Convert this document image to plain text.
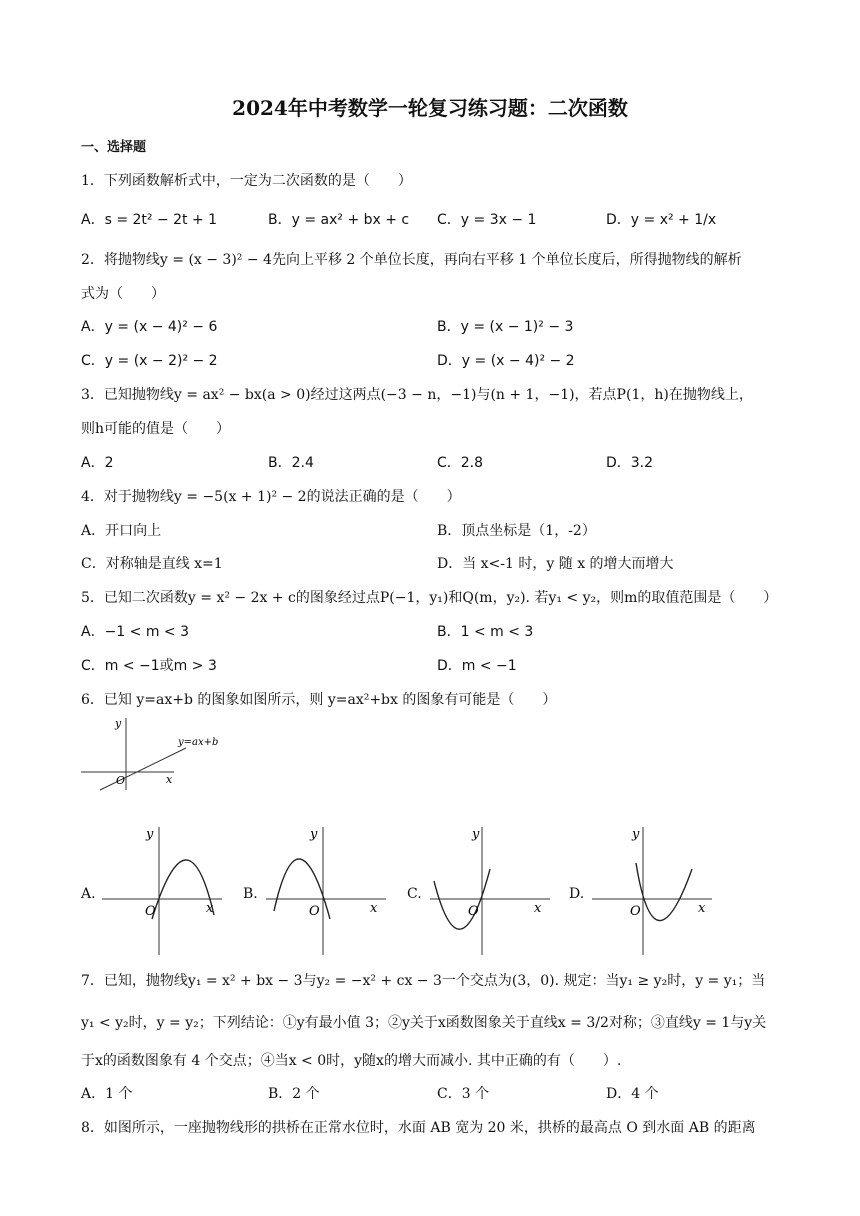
2024年中考数学一轮复习练习题：二次函数
一、选择题
1．下列函数解析式中，一定为二次函数的是（　　）
A．s = 2t² − 2t + 1	B．y = ax² + bx + c C．y = 3x − 1	D．y = x² + 1/x
2．将抛物线y = (x − 3)² − 4先向上平移 2 个单位长度，再向右平移 1 个单位长度后，所得抛物线的解析
式为（　　）
A．y = (x − 4)² − 6	B．y = (x − 1)² − 3
C．y = (x − 2)² − 2	D．y = (x − 4)² − 2
3．已知抛物线y = ax² − bx(a > 0)经过这两点(−3 − n，−1)与(n + 1，−1)，若点P(1，h)在抛物线上，
则h可能的值是（　　）
A．2	B．2.4	C．2.8	D．3.2
4．对于抛物线y = −5(x + 1)² − 2的说法正确的是（　　）
A．开口向上	B．顶点坐标是（1，-2）
C．对称轴是直线 x=1	D．当 x<-1 时，y 随 x 的增大而增大
5．已知二次函数y = x² − 2x + c的图象经过点P(−1，y₁)和Q(m，y₂). 若y₁ < y₂，则m的取值范围是（　　）
A．−1 < m < 3	B．1 < m < 3
C．m < −1或m > 3	D．m < −1
6．已知 y=ax+b 的图象如图所示，则 y=ax²+bx 的图象有可能是（　　）
y
x
O
y=ax+b
A.
y
x
O
B.
y
x
O
C.
y
x
O
D.
y
x
O
7．已知，抛物线y₁ = x² + bx − 3与y₂ = −x² + cx − 3一个交点为(3，0). 规定：当y₁ ≥ y₂时，y = y₁；当
y₁ < y₂时，y = y₂；下列结论：①y有最小值 3；②y关于x函数图象关于直线x = 3/2对称；③直线y = 1与y关
于x的函数图象有 4 个交点；④当x < 0时，y随x的增大而减小. 其中正确的有（　　）.
A．1 个	B．2 个	C．3 个	D．4 个
8．如图所示，一座抛物线形的拱桥在正常水位时，水面 AB 宽为 20 米，拱桥的最高点 O 到水面 AB 的距离
